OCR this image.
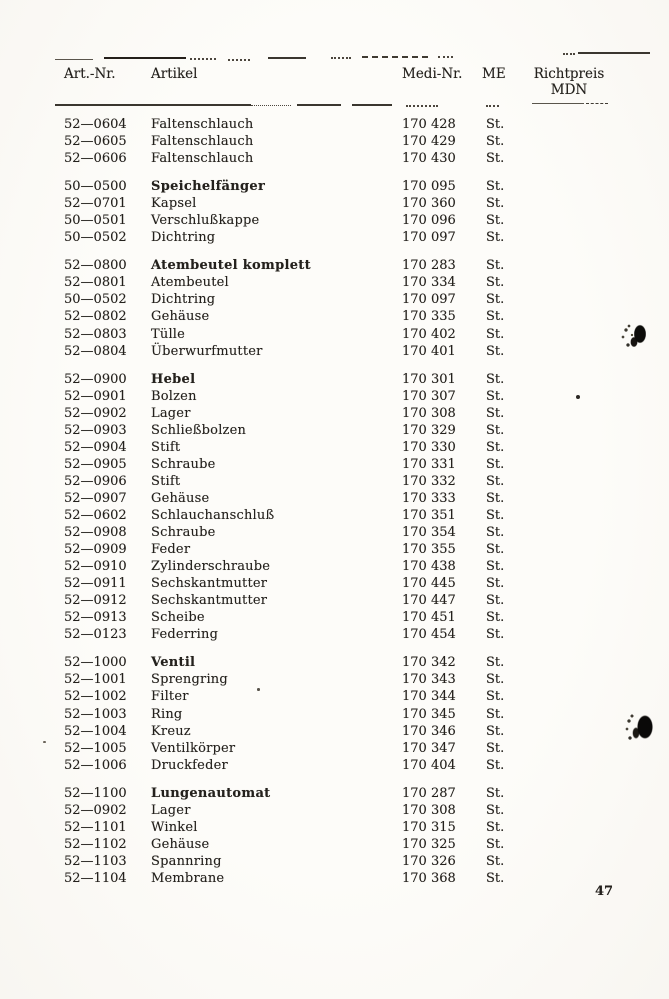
Art.-Nr.	Artikel	Medi-Nr. ME	Richtpreis
MDN
52—0604 Faltenschlauch	170 428 St.
52—0605 Faltenschlauch	170 429 St.
52—0606 Faltenschlauch	170 430 St.
50—0500 Speichelfänger	170 095 St.
52—0701 Kapsel	170 360 St.
50—0501 Verschlußkappe	170 096 St.
50—0502 Dichtring	170 097 St.
52—0800 Atembeutel komplett	170 283 St.
52—0801 Atembeutel	170 334 St.
50—0502 Dichtring	170 097 St.
52—0802 Gehäuse	170 335 St.
52—0803 Tülle	170 402 St.
52—0804 Überwurfmutter	170 401 St.
52—0900 Hebel	170 301 St.
52—0901 Bolzen	170 307 St.
52—0902 Lager	170 308 St.
52—0903 Schließbolzen	170 329 St.
52—0904 Stift	170 330 St.
52—0905 Schraube	170 331 St.
52—0906 Stift	170 332 St.
52—0907 Gehäuse	170 333 St.
52—0602 Schlauchanschluß	170 351 St.
52—0908 Schraube	170 354 St.
52—0909 Feder	170 355 St.
52—0910 Zylinderschraube	170 438 St.
52—0911 Sechskantmutter	170 445 St.
52—0912 Sechskantmutter	170 447 St.
52—0913 Scheibe	170 451 St.
52—0123 Federring	170 454 St.
52—1000 Ventil	170 342 St.
52—1001 Sprengring	170 343 St.
52—1002 Filter	170 344 St.
52—1003 Ring	170 345 St.
52—1004 Kreuz	170 346 St.
52—1005 Ventilkörper	170 347 St.
52—1006 Druckfeder	170 404 St.
52—1100 Lungenautomat	170 287 St.
52—0902 Lager	170 308 St.
52—1101 Winkel	170 315 St.
52—1102 Gehäuse	170 325 St.
52—1103 Spannring	170 326 St.
52—1104 Membrane	170 368 St.
47
